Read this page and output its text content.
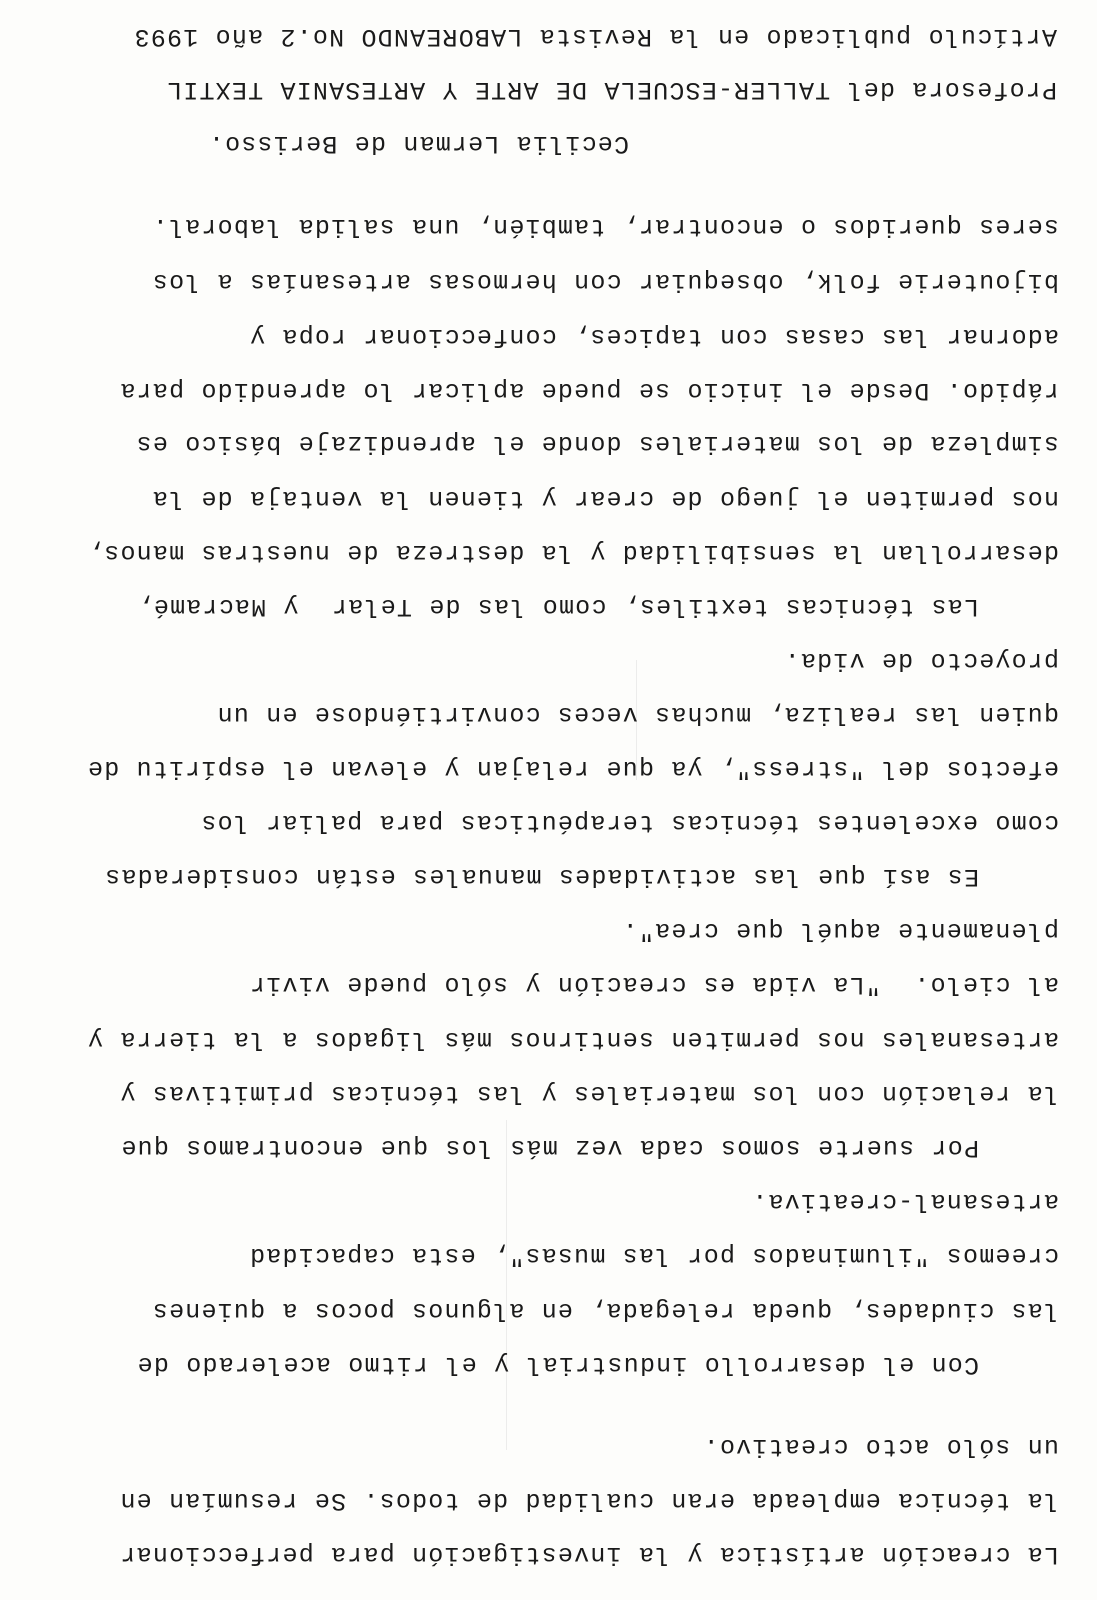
Artículo publicado en la Revista LABOREANDO No.2 año 1993

Profesora del TALLER-ESCUELA DE ARTE Y ARTESANIA TEXTIL

Cecilia Lerman de Berisso.

seres queridos o encontrar, también, una salida laboral.

bijouterie folk, obsequiar con hermosas artesanías a los

adornar las casas con tapices, confeccionar ropa y

rápido. Desde el inicio se puede aplicar lo aprendido para

simpleza de los materiales donde el aprendizaje básico es

nos permiten el juego de crear y tienen la ventaja de la

desarrollan la sensibilidad y la destreza de nuestras manos,

Las técnicas textiles, como las de Telar  y Macramé,

proyecto de vida.

quien las realiza, muchas veces convirtiéndose en un

efectos del "stress", ya que relajan y elevan el espíritu de

como excelentes técnicas terapéuticas para paliar los

Es así que las actividades manuales están consideradas

plenamente aquél que crea".

al cielo.  "La vida es creación y sólo puede vivir

artesanales nos permiten sentirnos más ligados a la tierra y

la relación con los materiales y las técnicas primitivas y

Por suerte somos cada vez más los que encontramos que

artesanal-creativa.

creemos "iluminados por las musas", esta capacidad

las ciudades, queda relegada, en algunos pocos a quienes

Con el desarrollo industrial y el ritmo acelerado de

un sólo acto creativo.

la técnica empleada eran cualidad de todos. Se resumían en

La creación artística y la investigación para perfeccionar
